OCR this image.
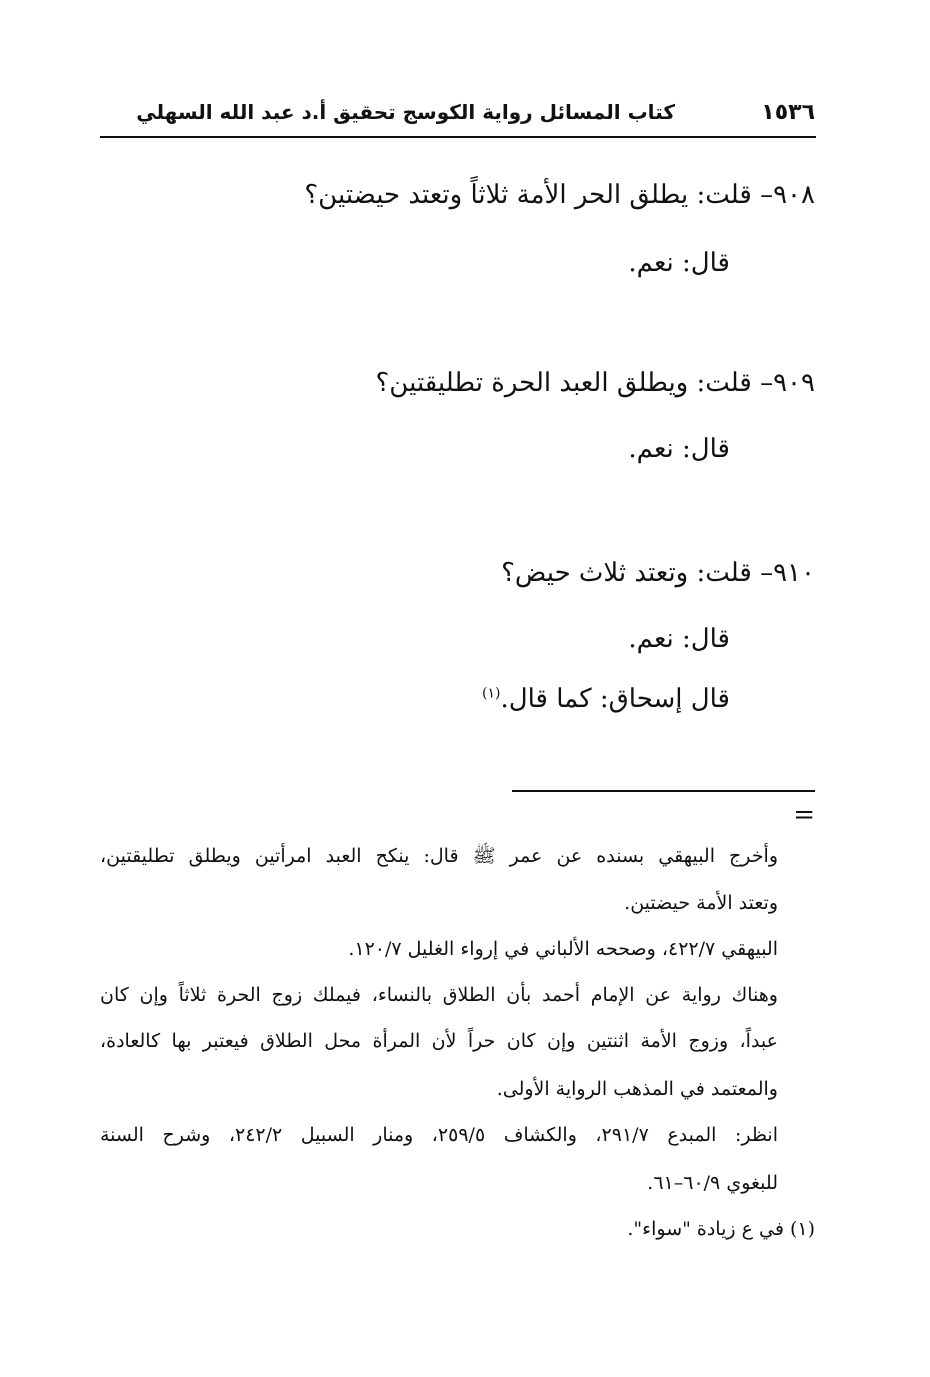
١٥٣٦
كتاب المسائل رواية الكوسج تحقيق أ.د عبد الله السهلي
٩٠٨– قلت: يطلق الحر الأمة ثلاثاً وتعتد حيضتين؟
قال: نعم.
٩٠٩– قلت: ويطلق العبد الحرة تطليقتين؟
قال: نعم.
٩١٠– قلت: وتعتد ثلاث حيض؟
قال: نعم.
قال إسحاق: كما قال.$^{(١)}$
=
وأخرج البيهقي بسنده عن عمر ﷺ قال: ينكح العبد امرأتين ويطلق تطليقتين،
وتعتد الأمة حيضتين.
البيهقي ٤٢٢/٧، وصححه الألباني في إرواء الغليل ١٢٠/٧.
وهناك رواية عن الإمام أحمد بأن الطلاق بالنساء، فيملك زوج الحرة ثلاثاً وإن كان
عبداً، وزوج الأمة اثنتين وإن كان حراً لأن المرأة محل الطلاق فيعتبر بها كالعادة،
والمعتمد في المذهب الرواية الأولى.
انظر: المبدع ٢٩١/٧، والكشاف ٢٥٩/٥، ومنار السبيل ٢٤٢/٢، وشرح السنة
للبغوي ٦٠/٩–٦١.
(١) في ع زيادة "سواء".
